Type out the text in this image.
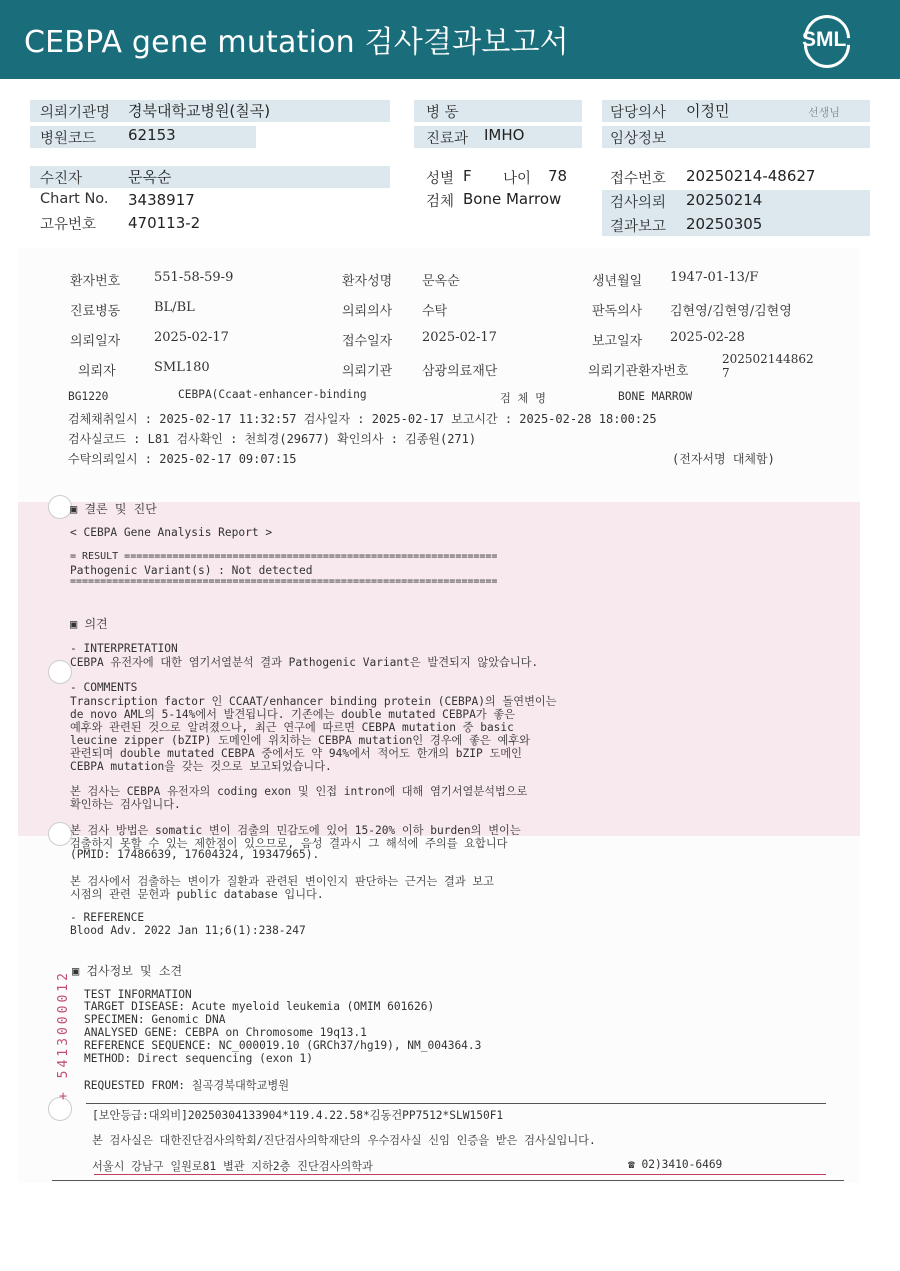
CEBPA gene mutation 검사결과보고서	SML
의뢰기관명 경북대학교병원(칠곡)
병원코드 62153
병 동
진료과 IMHO
담당의사 이정민	선생님
임상정보
수진자	문옥순
Chart No. 3438917
고유번호 470113-2
성별 F 나이 78
검체 Bone Marrow
접수번호 20250214-48627
검사의뢰 20250214
결과보고 20250305
환자번호	551-58-59-9	환자성명 문옥순	생년월일 1947-01-13/F
진료병동	BL/BL	의뢰의사 수탁	판독의사 김현영/김현영/김현영
의뢰일자	2025-02-17	접수일자 2025-02-17	보고일자 2025-02-28
의뢰자	SML180	의뢰기관 삼광의료재단	의뢰기관환자번호
202502144862
7
BG1220	CEBPA(Ccaat-enhancer-binding	검 체 명	BONE MARROW
검체채취일시 : 2025-02-17 11:32:57 검사일자 : 2025-02-17 보고시간 : 2025-02-28 18:00:25
검사실코드 : L81 검사확인 : 천희경(29677) 확인의사 : 김종원(271)
수탁의뢰일시 : 2025-02-17 09:07:15	(전자서명 대체함)
▣ 결론 및 진단
< CEBPA Gene Analysis Report >
= RESULT ==============================================================
Pathogenic Variant(s) : Not detected
=======================================================================
▣ 의견
- INTERPRETATION
CEBPA 유전자에 대한 염기서열분석 결과 Pathogenic Variant은 발견되지 않았습니다.
- COMMENTS
Transcription factor 인 CCAAT/enhancer binding protein (CEBPA)의 돌연변이는
de novo AML의 5-14%에서 발견됩니다. 기존에는 double mutated CEBPA가 좋은
예후와 관련된 것으로 알려졌으나, 최근 연구에 따르면 CEBPA mutation 중 basic
leucine zipper (bZIP) 도메인에 위치하는 CEBPA mutation인 경우에 좋은 예후와
관련되며 double mutated CEBPA 중에서도 약 94%에서 적어도 한개의 bZIP 도메인
CEBPA mutation을 갖는 것으로 보고되었습니다.
본 검사는 CEBPA 유전자의 coding exon 및 인접 intron에 대해 염기서열분석법으로
확인하는 검사입니다.
본 검사 방법은 somatic 변이 검출의 민감도에 있어 15-20% 이하 burden의 변이는
검출하지 못할 수 있는 제한점이 있으므로, 음성 결과시 그 해석에 주의를 요합니다
(PMID: 17486639, 17604324, 19347965).
본 검사에서 검출하는 변이가 질환과 관련된 변이인지 판단하는 근거는 결과 보고
시점의 관련 문헌과 public database 입니다.
- REFERENCE
Blood Adv. 2022 Jan 11;6(1):238-247
▣ 검사정보 및 소견
TEST INFORMATION
TARGET DISEASE: Acute myeloid leukemia (OMIM 601626)
SPECIMEN: Genomic DNA
ANALYSED GENE: CEBPA on Chromosome 19q13.1
REFERENCE SEQUENCE: NC_000019.10 (GRCh37/hg19), NM_004364.3
METHOD: Direct sequencing (exon 1)
REQUESTED FROM: 칠곡경북대학교병원
+ 5413000012
[보안등급:대외비]20250304133904*119.4.22.58*김동건PP7512*SLW150F1
본 검사실은 대한진단검사의학회/진단검사의학재단의 우수검사실 신임 인증을 받은 검사실입니다.
서울시 강남구 일원로81 별관 지하2층 진단검사의학과	☎ 02)3410-6469
